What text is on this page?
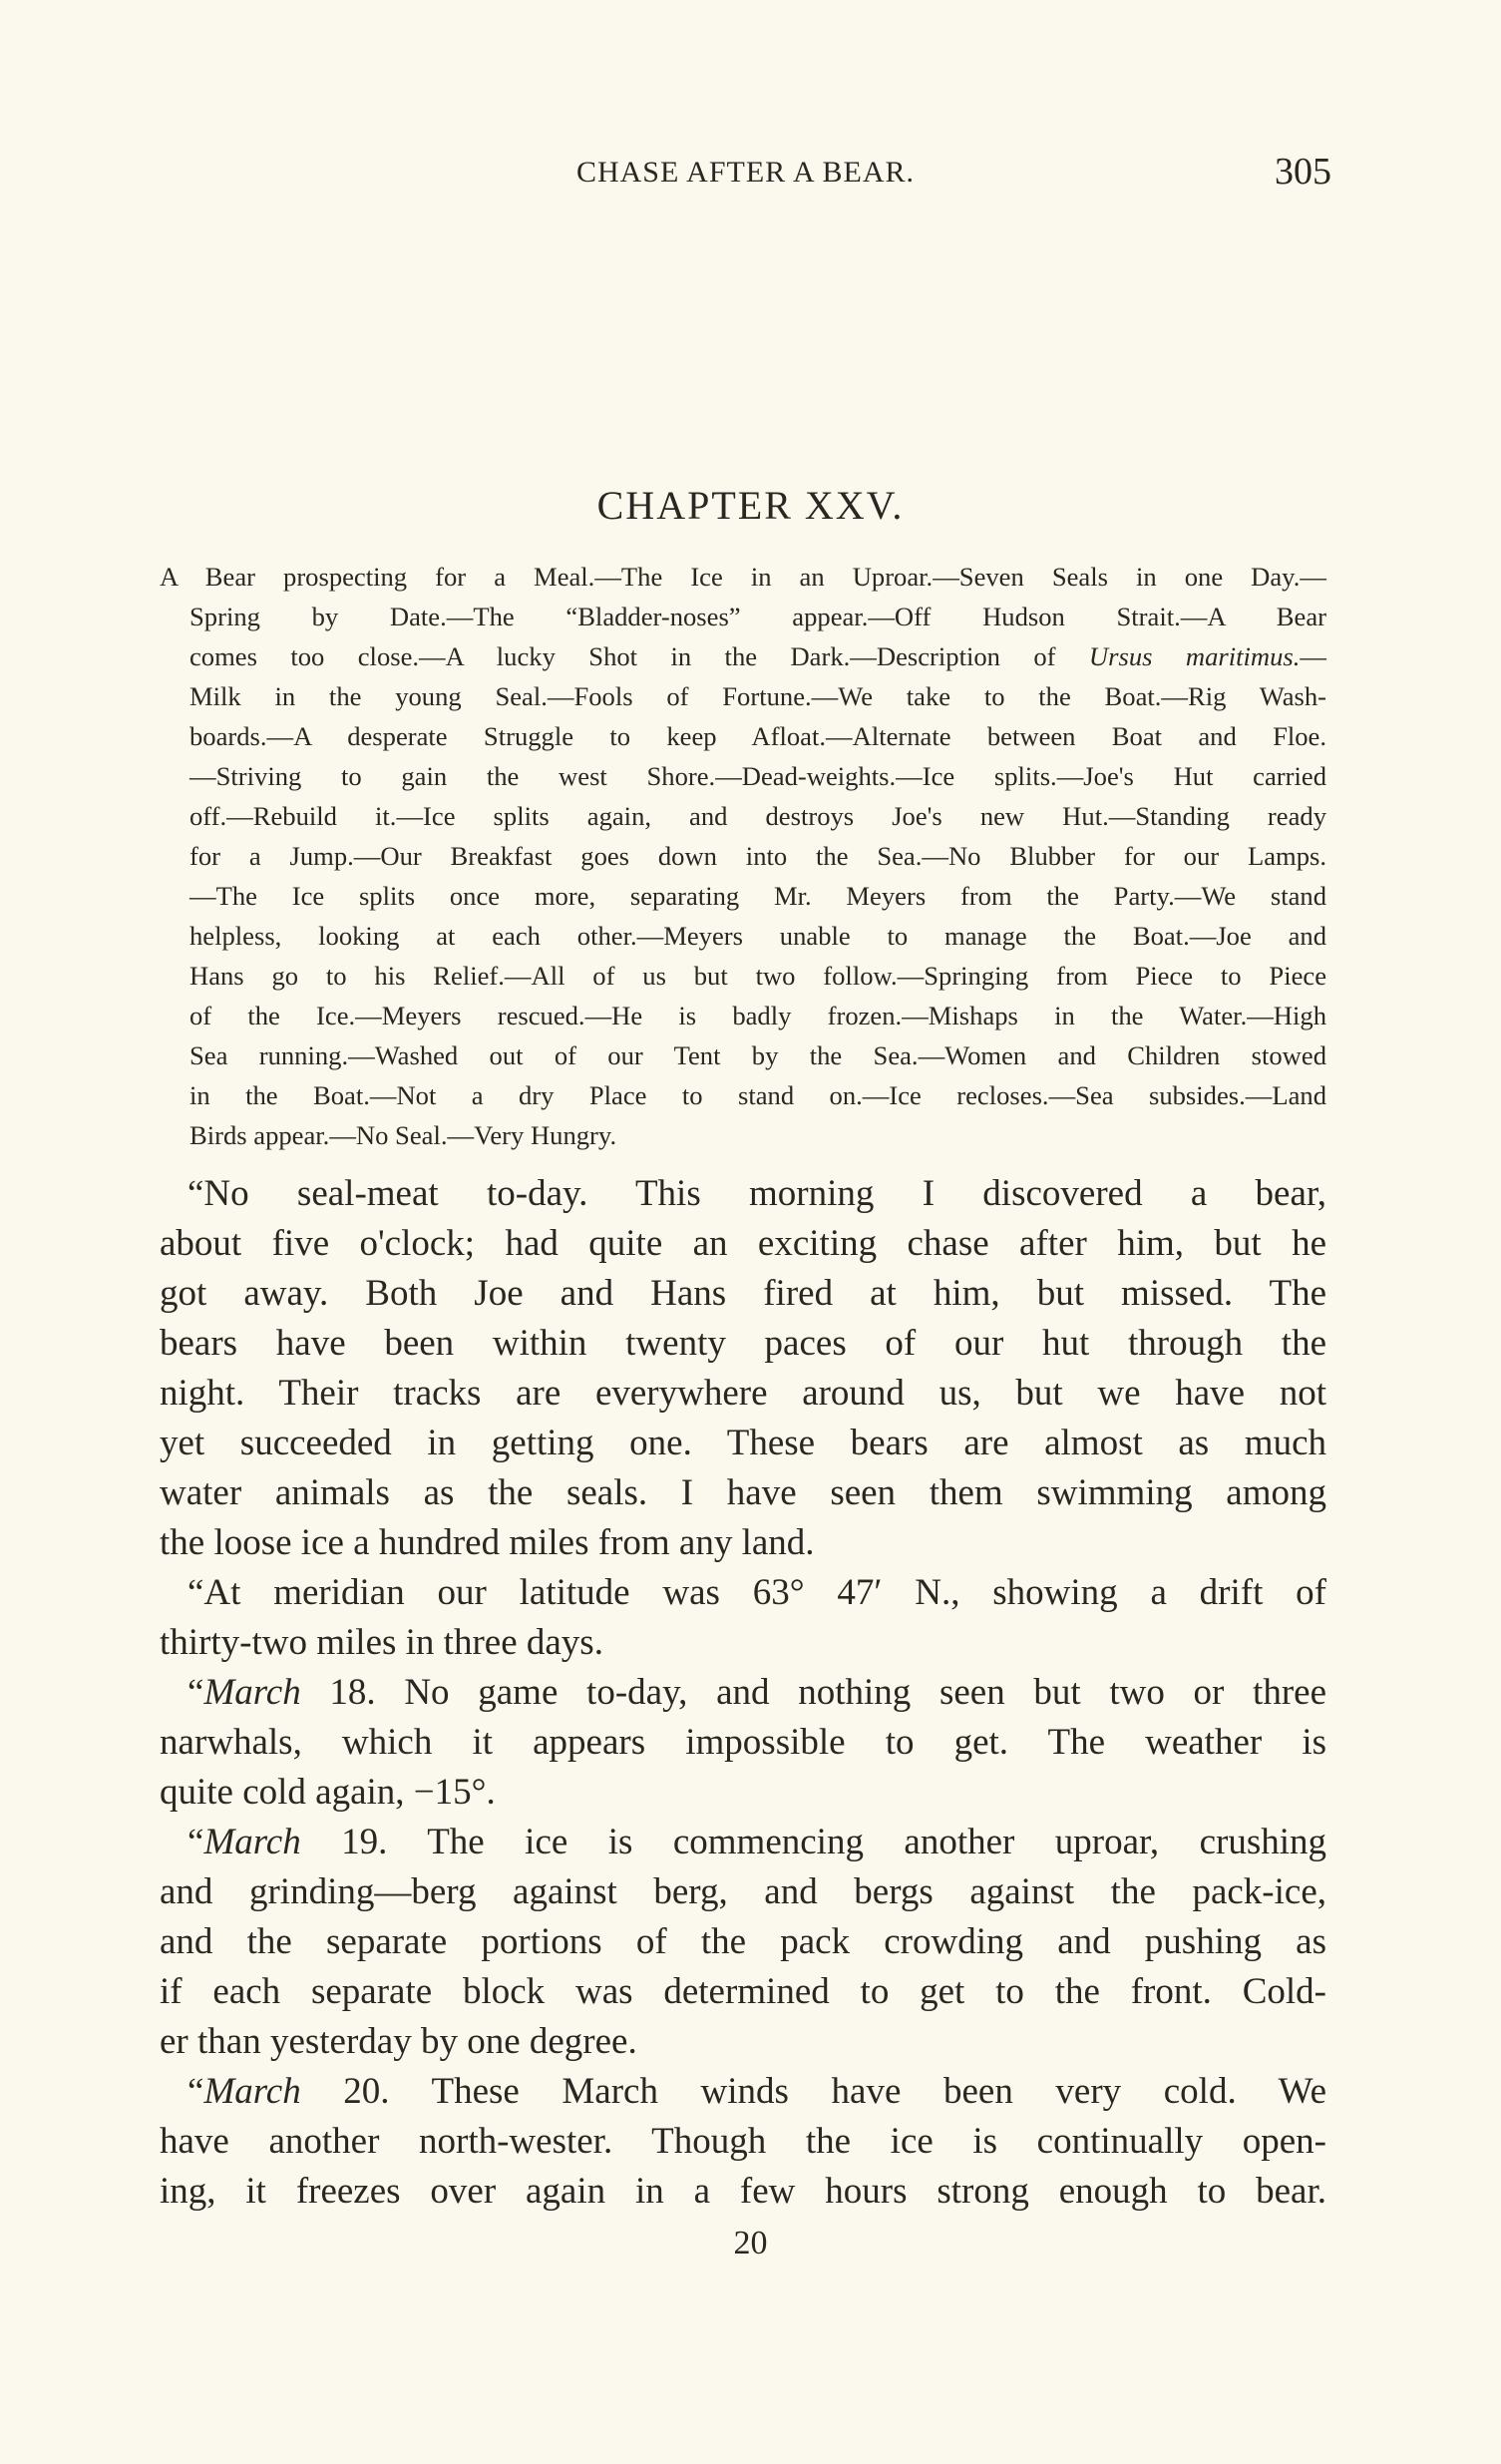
CHASE AFTER A BEAR.	305
CHAPTER XXV.
A Bear prospecting for a Meal.—The Ice in an Uproar.—Seven Seals in one Day.—
Spring by Date.—The “Bladder-noses” appear.—Off Hudson Strait.—A Bear
comes too close.—A lucky Shot in the Dark.—Description of Ursus maritimus.—
Milk in the young Seal.—Fools of Fortune.—We take to the Boat.—Rig Wash-
boards.—A desperate Struggle to keep Afloat.—Alternate between Boat and Floe.
—Striving to gain the west Shore.—Dead-weights.—Ice splits.—Joe's Hut carried
off.—Rebuild it.—Ice splits again, and destroys Joe's new Hut.—Standing ready
for a Jump.—Our Breakfast goes down into the Sea.—No Blubber for our Lamps.
—The Ice splits once more, separating Mr. Meyers from the Party.—We stand
helpless, looking at each other.—Meyers unable to manage the Boat.—Joe and
Hans go to his Relief.—All of us but two follow.—Springing from Piece to Piece
of the Ice.—Meyers rescued.—He is badly frozen.—Mishaps in the Water.—High
Sea running.—Washed out of our Tent by the Sea.—Women and Children stowed
in the Boat.—Not a dry Place to stand on.—Ice recloses.—Sea subsides.—Land
Birds appear.—No Seal.—Very Hungry.
“No seal-meat to-day. This morning I discovered a bear,
about five o'clock; had quite an exciting chase after him, but he
got away. Both Joe and Hans fired at him, but missed. The
bears have been within twenty paces of our hut through the
night. Their tracks are everywhere around us, but we have not
yet succeeded in getting one. These bears are almost as much
water animals as the seals. I have seen them swimming among
the loose ice a hundred miles from any land.
“At meridian our latitude was 63° 47′ N., showing a drift of
thirty-two miles in three days.
“March 18. No game to-day, and nothing seen but two or three
narwhals, which it appears impossible to get. The weather is
quite cold again, −15°.
“March 19. The ice is commencing another uproar, crushing
and grinding—berg against berg, and bergs against the pack-ice,
and the separate portions of the pack crowding and pushing as
if each separate block was determined to get to the front. Cold-
er than yesterday by one degree.
“March 20. These March winds have been very cold. We
have another north-wester. Though the ice is continually open-
ing, it freezes over again in a few hours strong enough to bear.
20
